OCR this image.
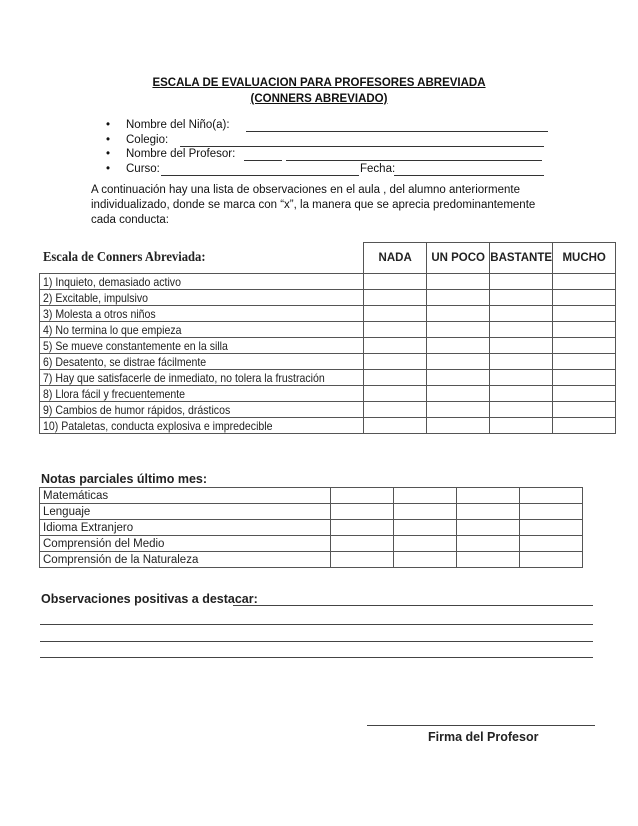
ESCALA DE EVALUACION PARA PROFESORES ABREVIADA
(CONNERS ABREVIADO)
• Nombre del Niño(a):
• Colegio:
• Nombre del Profesor:
• Curso:	Fecha:
A continuación hay una lista de observaciones en el aula , del alumno anteriormente individualizado, donde se marca con “x”, la manera que se aprecia predominantemente cada conducta:
Escala de Conners Abreviada:	NADA	UN POCO	BASTANTE	MUCHO
1) Inquieto, demasiado activo				
2) Excitable, impulsivo				
3) Molesta a otros niños				
4) No termina lo que empieza				
5) Se mueve constantemente en la silla				
6) Desatento, se distrae fácilmente				
7) Hay que satisfacerle de inmediato, no tolera la frustración				
8) Llora fácil y frecuentemente				
9) Cambios de humor rápidos, drásticos				
10) Pataletas, conducta explosiva e impredecible				
Notas parciales último mes:
Matemáticas				
Lenguaje				
Idioma Extranjero				
Comprensión del Medio				
Comprensión de la Naturaleza				
Observaciones positivas a destacar:
Firma del Profesor
